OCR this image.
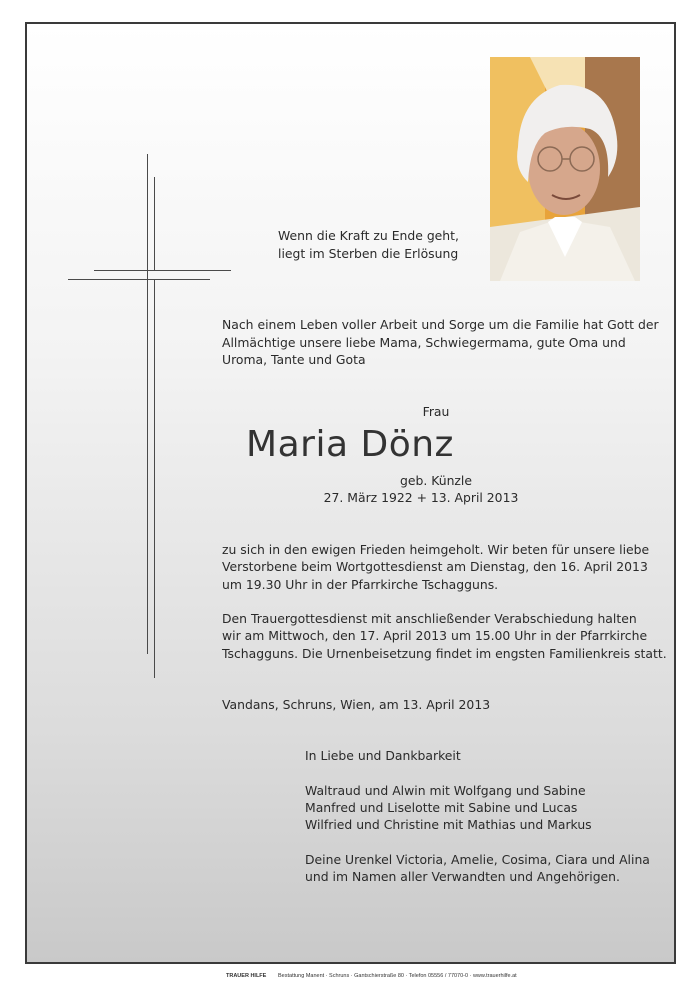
Wenn die Kraft zu Ende geht,
liegt im Sterben die Erlösung
Nach einem Leben voller Arbeit und Sorge um die Familie hat Gott der
Allmächtige unsere liebe Mama, Schwiegermama, gute Oma und
Uroma, Tante und Gota
Frau
Maria Dönz
geb. Künzle
27. März 1922 + 13. April 2013
zu sich in den ewigen Frieden heimgeholt. Wir beten für unsere liebe
Verstorbene beim Wortgottesdienst am Dienstag, den 16. April 2013
um 19.30 Uhr in der Pfarrkirche Tschagguns.
Den Trauergottesdienst mit anschließender Verabschiedung halten
wir am Mittwoch, den 17. April 2013 um 15.00 Uhr in der Pfarrkirche
Tschagguns. Die Urnenbeisetzung findet im engsten Familienkreis statt.
Vandans, Schruns, Wien, am 13. April 2013
In Liebe und Dankbarkeit
Waltraud und Alwin mit Wolfgang und Sabine
Manfred und Liselotte mit Sabine und Lucas
Wilfried und Christine mit Mathias und Markus
Deine Urenkel Victoria, Amelie, Cosima, Ciara und Alina
und im Namen aller Verwandten und Angehörigen.
TRAUER HILFE Bestattung Manent · Schruns · Gantschierstraße 80 · Telefon 05556 / 77070-0 · www.trauerhilfe.at
